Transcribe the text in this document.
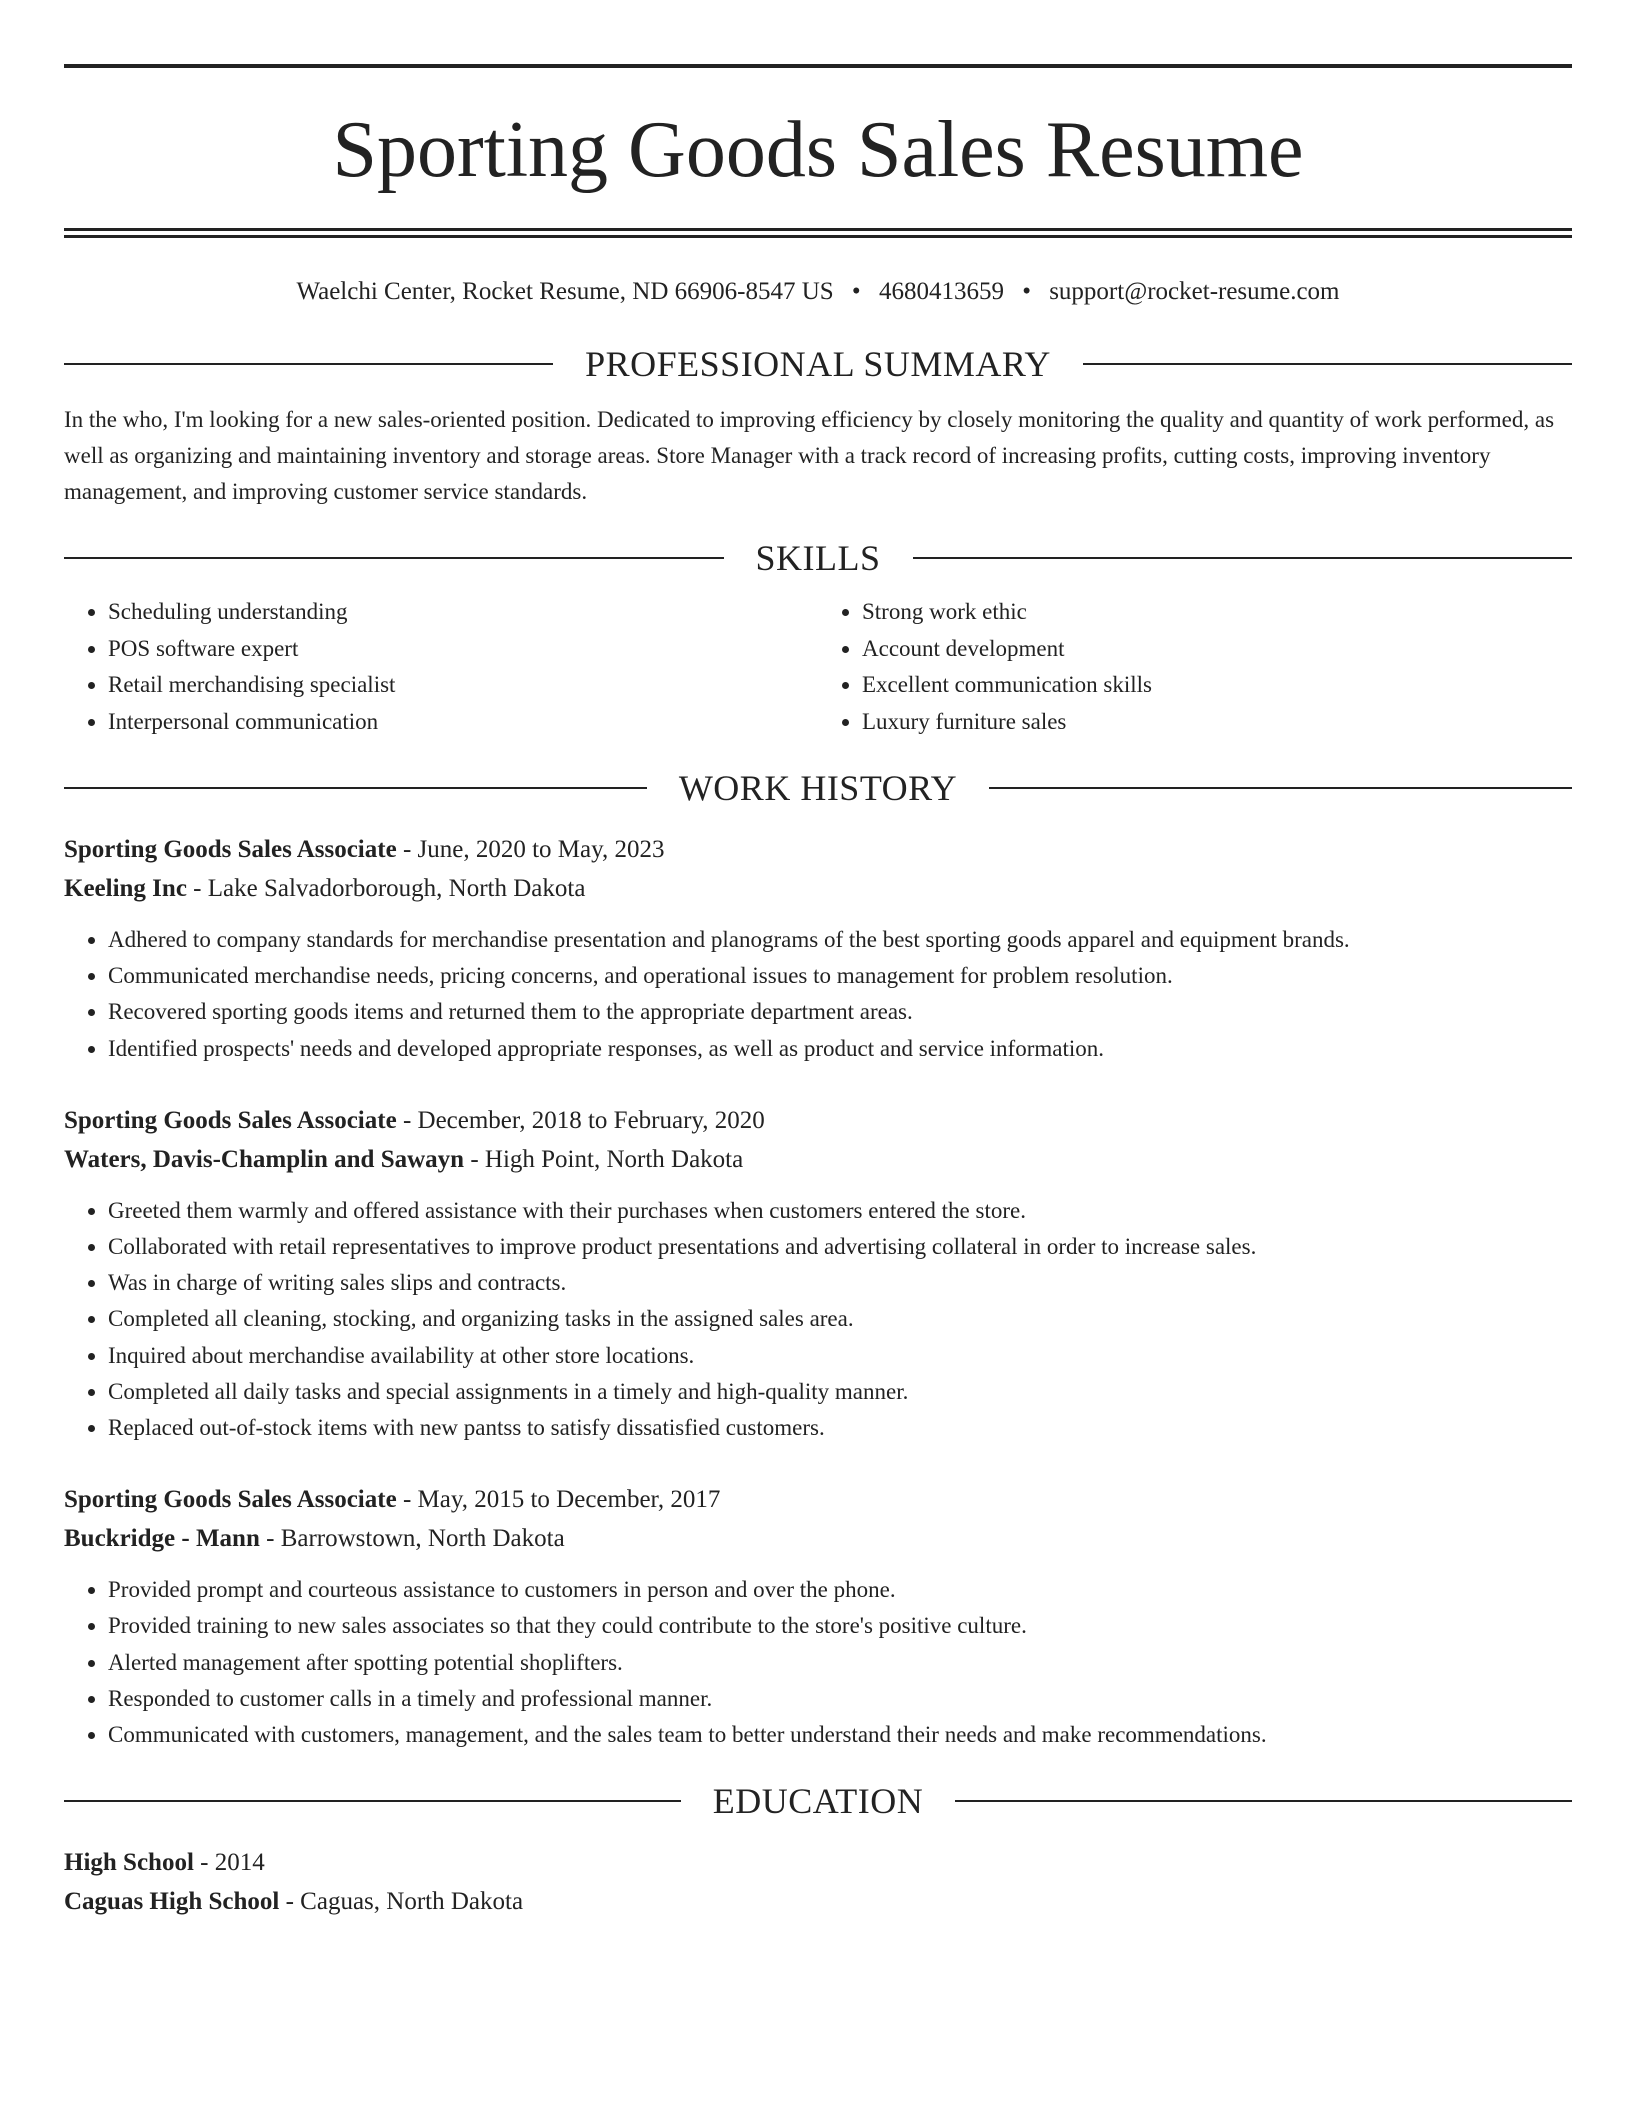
Sporting Goods Sales Resume
Waelchi Center, Rocket Resume, ND 66906-8547 US • 4680413659 • support@rocket-resume.com
PROFESSIONAL SUMMARY

In the who, I'm looking for a new sales-oriented position. Dedicated to improving efficiency by closely monitoring the quality and quantity of work performed, as well as organizing and maintaining inventory and storage areas. Store Manager with a track record of increasing profits, cutting costs, improving inventory management, and improving customer service standards.

SKILLS
• Scheduling understanding
• POS software expert
• Retail merchandising specialist
• Interpersonal communication
• Strong work ethic
• Account development
• Excellent communication skills
• Luxury furniture sales
WORK HISTORY
Sporting Goods Sales Associate - June, 2020 to May, 2023
Keeling Inc - Lake Salvadorborough, North Dakota
• Adhered to company standards for merchandise presentation and planograms of the best sporting goods apparel and equipment brands.
• Communicated merchandise needs, pricing concerns, and operational issues to management for problem resolution.
• Recovered sporting goods items and returned them to the appropriate department areas.
• Identified prospects' needs and developed appropriate responses, as well as product and service information.
Sporting Goods Sales Associate - December, 2018 to February, 2020
Waters, Davis-Champlin and Sawayn - High Point, North Dakota
• Greeted them warmly and offered assistance with their purchases when customers entered the store.
• Collaborated with retail representatives to improve product presentations and advertising collateral in order to increase sales.
• Was in charge of writing sales slips and contracts.
• Completed all cleaning, stocking, and organizing tasks in the assigned sales area.
• Inquired about merchandise availability at other store locations.
• Completed all daily tasks and special assignments in a timely and high-quality manner.
• Replaced out-of-stock items with new pantss to satisfy dissatisfied customers.
Sporting Goods Sales Associate - May, 2015 to December, 2017
Buckridge - Mann - Barrowstown, North Dakota
• Provided prompt and courteous assistance to customers in person and over the phone.
• Provided training to new sales associates so that they could contribute to the store's positive culture.
• Alerted management after spotting potential shoplifters.
• Responded to customer calls in a timely and professional manner.
• Communicated with customers, management, and the sales team to better understand their needs and make recommendations.
EDUCATION
High School - 2014
Caguas High School - Caguas, North Dakota
